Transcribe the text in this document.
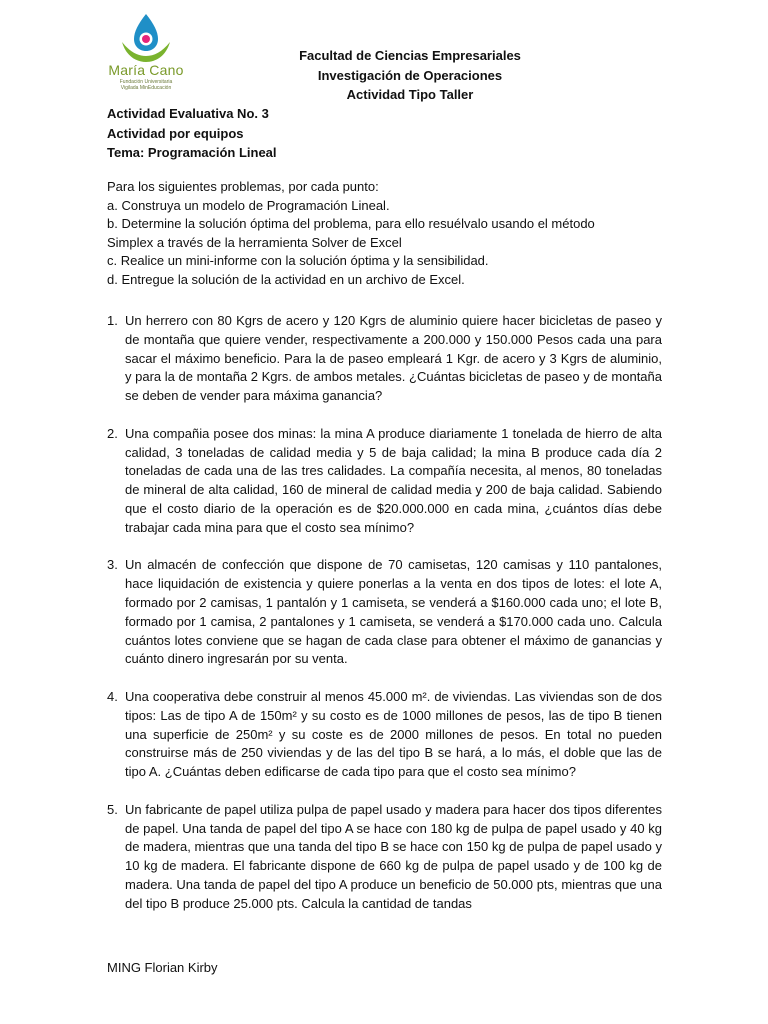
María Cano
Fundación Universitaria
Vigilada MinEducación
Facultad de Ciencias Empresariales
Investigación de Operaciones
Actividad Tipo Taller
Actividad Evaluativa No. 3
Actividad por equipos
Tema: Programación Lineal
Para los siguientes problemas, por cada punto:
a. Construya un modelo de Programación Lineal.
b. Determine la solución óptima del problema, para ello resuélvalo usando el método
Simplex a través de la herramienta Solver de Excel
c. Realice un mini-informe con la solución óptima y la sensibilidad.
d. Entregue la solución de la actividad en un archivo de Excel.
1. Un herrero con 80 Kgrs de acero y 120 Kgrs de aluminio quiere hacer bicicletas de paseo y de montaña que quiere vender, respectivamente a 200.000 y 150.000 Pesos cada una para sacar el máximo beneficio. Para la de paseo empleará 1 Kgr. de acero y 3 Kgrs de aluminio, y para la de montaña 2 Kgrs. de ambos metales. ¿Cuántas bicicletas de paseo y de montaña se deben de vender para máxima ganancia?
2. Una compañia posee dos minas: la mina A produce diariamente 1 tonelada de hierro de alta calidad, 3 toneladas de calidad media y 5 de baja calidad; la mina B produce cada día 2 toneladas de cada una de las tres calidades. La compañía necesita, al menos, 80 toneladas de mineral de alta calidad, 160 de mineral de calidad media y 200 de baja calidad. Sabiendo que el costo diario de la operación es de $20.000.000 en cada mina, ¿cuántos días debe trabajar cada mina para que el costo sea mínimo?
3. Un almacén de confección que dispone de 70 camisetas, 120 camisas y 110 pantalones, hace liquidación de existencia y quiere ponerlas a la venta en dos tipos de lotes: el lote A, formado por 2 camisas, 1 pantalón y 1 camiseta, se venderá a $160.000 cada uno; el lote B, formado por 1 camisa, 2 pantalones y 1 camiseta, se venderá a $170.000 cada uno. Calcula cuántos lotes conviene que se hagan de cada clase para obtener el máximo de ganancias y cuánto dinero ingresarán por su venta.
4. Una cooperativa debe construir al menos 45.000 m². de viviendas. Las viviendas son de dos tipos: Las de tipo A de 150m² y su costo es de 1000 millones de pesos, las de tipo B tienen una superficie de 250m² y su coste es de 2000 millones de pesos. En total no pueden construirse más de 250 viviendas y de las del tipo B se hará, a lo más, el doble que las de tipo A. ¿Cuántas deben edificarse de cada tipo para que el costo sea mínimo?
5. Un fabricante de papel utiliza pulpa de papel usado y madera para hacer dos tipos diferentes de papel. Una tanda de papel del tipo A se hace con 180 kg de pulpa de papel usado y 40 kg de madera, mientras que una tanda del tipo B se hace con 150 kg de pulpa de papel usado y 10 kg de madera. El fabricante dispone de 660 kg de pulpa de papel usado y de 100 kg de madera. Una tanda de papel del tipo A produce un beneficio de 50.000 pts, mientras que una del tipo B produce 25.000 pts. Calcula la cantidad de tandas
MING Florian Kirby
